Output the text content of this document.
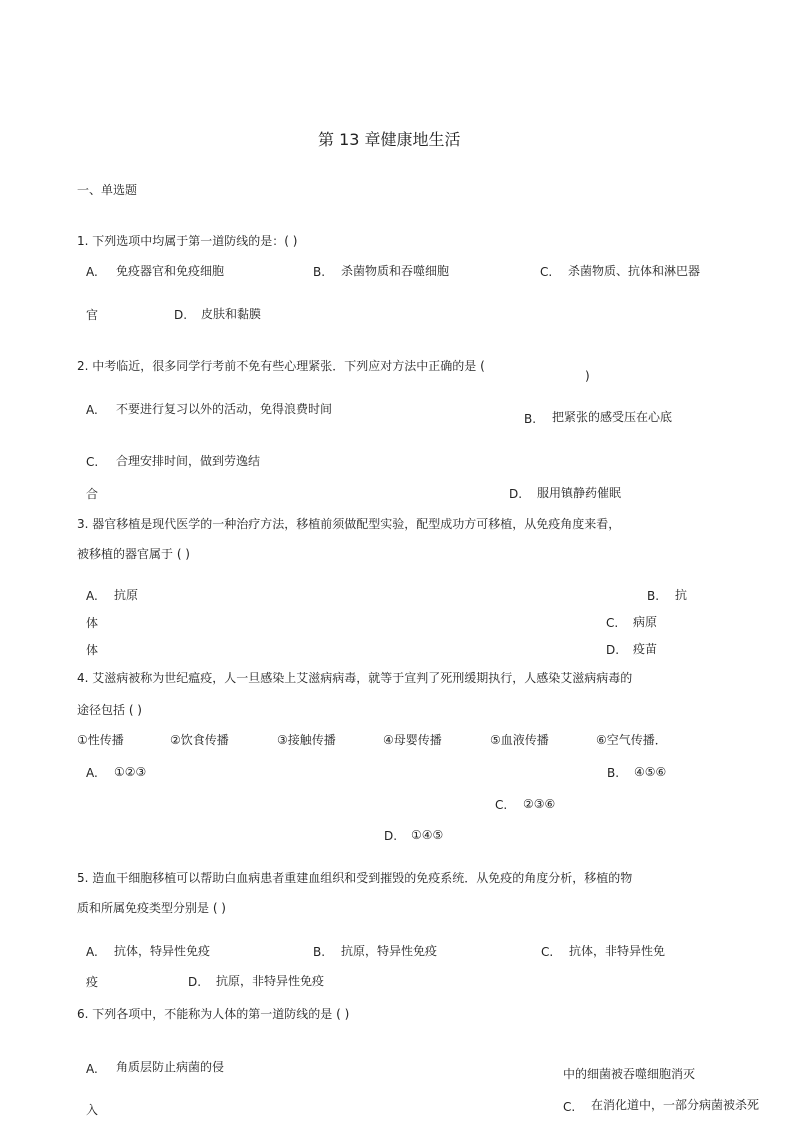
第 13 章健康地生活
一、单选题
1. 下列选项中均属于第一道防线的是：( )
A. 免疫器官和免疫细胞	B. 杀菌物质和吞噬细胞	C. 杀菌物质、抗体和淋巴器
官	D. 皮肤和黏膜
2. 中考临近，很多同学行考前不免有些心理紧张．下列应对方法中正确的是 (
)
A. 不要进行复习以外的活动，免得浪费时间
B. 把紧张的感受压在心底
C. 合理安排时间，做到劳逸结
合	D. 服用镇静药催眠
3. 器官移植是现代医学的一种治疗方法，移植前须做配型实验，配型成功方可移植，从免疫角度来看，
被移植的器官属于 ( )
A. 抗原	B. 抗
体	C. 病原
体	D. 疫苗
4. 艾滋病被称为世纪瘟疫，人一旦感染上艾滋病病毒，就等于宣判了死刑缓期执行，人感染艾滋病病毒的
途径包括 ( )
①性传播	②饮食传播	③接触传播	④母婴传播	⑤血液传播	⑥空气传播．
A. ①②③	B. ④⑤⑥
C. ②③⑥
D. ①④⑤
5. 造血干细胞移植可以帮助白血病患者重建血组织和受到摧毁的免疫系统．从免疫的角度分析，移植的物
质和所属免疫类型分别是 ( )
A. 抗体，特异性免疫	B. 抗原，特异性免疫	C. 抗体，非特异性免
疫	D. 抗原，非特异性免疫
6. 下列各项中，不能称为人体的第一道防线的是 ( )
A. 角质层防止病菌的侵	中的细菌被吞噬细胞消灭
入	C. 在消化道中，一部分病菌被杀死
